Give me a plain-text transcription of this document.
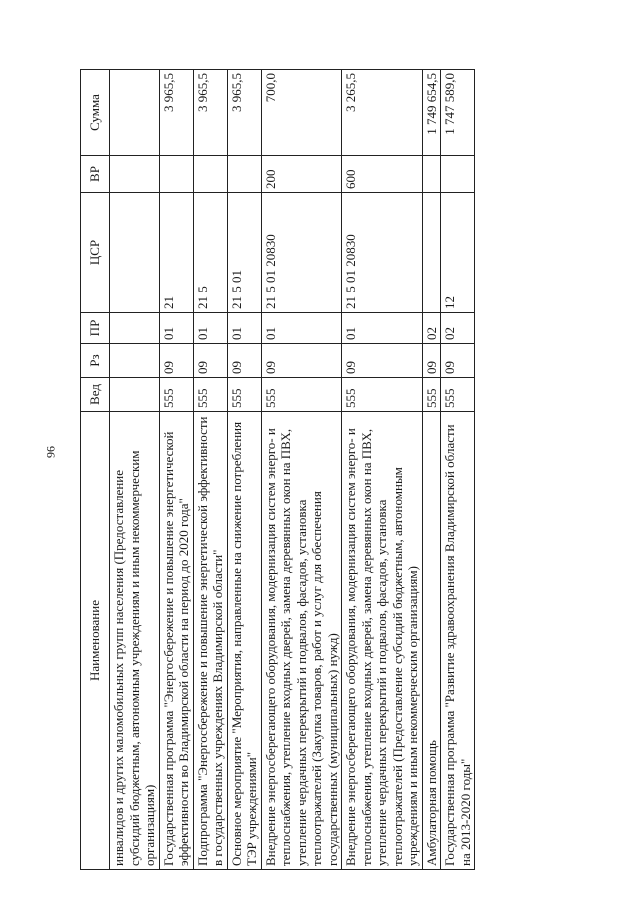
96
Наименование	Вед	Рз	ПР	ЦСР	ВР	Сумма
инвалидов и других маломобильных групп населения (Предоставление субсидий бюджетным, автономным учреждениям и иным некоммерческим организациям)						
Государственная программа "Энергосбережение и повышение энергетической эффективности во Владимирской области на период до 2020 года"	555	09	01	21		3 965,5
Подпрограмма "Энергосбережение и повышение энергетической эффективности в государственных учреждениях Владимирской области"	555	09	01	21 5		3 965,5
Основное мероприятие "Мероприятия, направленные на снижение потребления ТЭР учреждениями"	555	09	01	21 5 01		3 965,5
Внедрение энергосберегающего оборудования, модернизация систем энерго- и теплоснабжения, утепление входных дверей, замена деревянных окон на ПВХ, утепление чердачных перекрытий и подвалов, фасадов, установка теплоотражателей (Закупка товаров, работ и услуг для обеспечения государственных (муниципальных) нужд)	555	09	01	21 5 01 20830	200	700,0
Внедрение энергосберегающего оборудования, модернизация систем энерго- и теплоснабжения, утепление входных дверей, замена деревянных окон на ПВХ, утепление чердачных перекрытий и подвалов, фасадов, установка теплоотражателей (Предоставление субсидий бюджетным, автономным учреждениям и иным некоммерческим организациям)	555	09	01	21 5 01 20830	600	3 265,5
Амбулаторная помощь	555	09	02			1 749 654,5
Государственная программа "Развитие здравоохранения Владимирской области на 2013-2020 годы"	555	09	02	12		1 747 589,0
